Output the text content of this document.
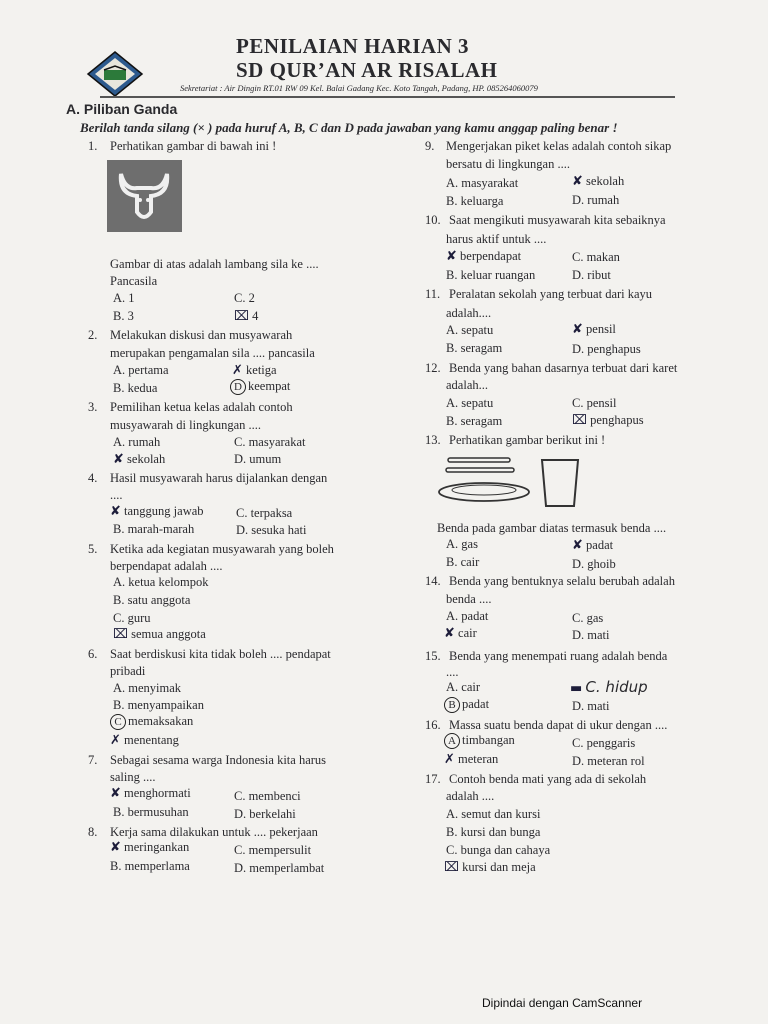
PENILAIAN HARIAN 3
SD QUR’AN AR RISALAH
Sekretariat : Air Dingin RT.01 RW 09 Kel. Balai Gadang Kec. Koto Tangah, Padang, HP. 085264060079
A. Piliban Ganda
Berilah tanda silang (× ) pada huruf A, B, C dan D pada jawaban yang kamu anggap paling benar !
1. Perhatikan gambar di bawah ini !
Gambar di atas adalah lambang sila ke ....
Pancasila
A. 1	C. 2
B. 3	⌧ 4
2. Melakukan diskusi dan musyawarah
merupakan pengamalan sila .... pancasila
A. pertama	✗ ketiga
B. kedua	D keempat
3. Pemilihan ketua kelas adalah contoh
musyawarah di lingkungan ....
A. rumah	C. masyarakat
✘ sekolah	D. umum
4. Hasil musyawarah harus dijalankan dengan
....
✘ tanggung jawab	C. terpaksa
B. marah-marah	D. sesuka hati
5. Ketika ada kegiatan musyawarah yang boleh
berpendapat adalah ....
A. ketua kelompok
B. satu anggota
C. guru
⌧ semua anggota
6. Saat berdiskusi kita tidak boleh .... pendapat
pribadi
A. menyimak
B. menyampaikan
C memaksakan
✗ menentang
7. Sebagai sesama warga Indonesia kita harus
saling ....
✘ menghormati	C. membenci
B. bermusuhan	D. berkelahi
8. Kerja sama dilakukan untuk .... pekerjaan
✘ meringankan	C. mempersulit
B. memperlama	D. memperlambat
9. Mengerjakan piket kelas adalah contoh sikap
bersatu di lingkungan ....
A. masyarakat	✘ sekolah
B. keluarga	D. rumah
10. Saat mengikuti musyawarah kita sebaiknya
harus aktif untuk ....
✘ berpendapat	C. makan
B. keluar ruangan	D. ribut
11. Peralatan sekolah yang terbuat dari kayu
adalah....
A. sepatu	✘ pensil
B. seragam	D. penghapus
12. Benda yang bahan dasarnya terbuat dari karet
adalah...
A. sepatu	C. pensil
B. seragam	⌧ penghapus
13. Perhatikan gambar berikut ini !
Benda pada gambar diatas termasuk benda ....
A. gas	✘ padat
B. cair	D. ghoib
14. Benda yang bentuknya selalu berubah adalah
benda ....
A. padat	C. gas
✘ cair	D. mati
15. Benda yang menempati ruang adalah benda
....
A. cair	▬ C. hidup
B padat	D. mati
16. Massa suatu benda dapat di ukur dengan ....
A timbangan	C. penggaris
✗ meteran	D. meteran rol
17. Contoh benda mati yang ada di sekolah
adalah ....
A. semut dan kursi
B. kursi dan bunga
C. bunga dan cahaya
⌧ kursi dan meja
Dipindai dengan CamScanner
